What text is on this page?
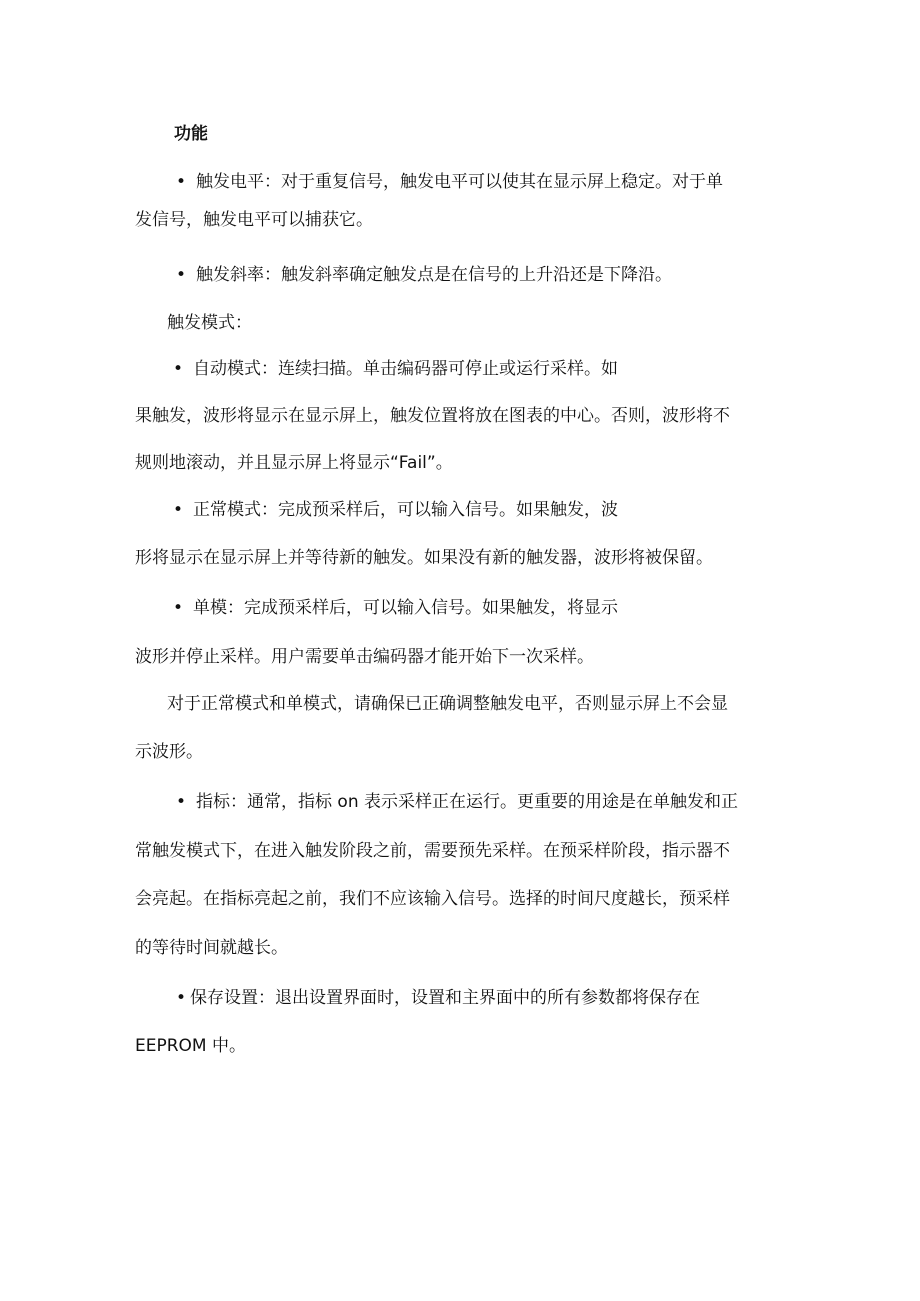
功能
• 触发电平：对于重复信号，触发电平可以使其在显示屏上稳定。对于单
发信号，触发电平可以捕获它。
• 触发斜率：触发斜率确定触发点是在信号的上升沿还是下降沿。
触发模式：
• 自动模式：连续扫描。单击编码器可停止或运行采样。如
果触发，波形将显示在显示屏上，触发位置将放在图表的中心。否则，波形将不
规则地滚动，并且显示屏上将显示“Fail”。
• 正常模式：完成预采样后，可以输入信号。如果触发，波
形将显示在显示屏上并等待新的触发。如果没有新的触发器，波形将被保留。
• 单模：完成预采样后，可以输入信号。如果触发，将显示
波形并停止采样。用户需要单击编码器才能开始下一次采样。
对于正常模式和单模式，请确保已正确调整触发电平，否则显示屏上不会显
示波形。
• 指标：通常，指标 on 表示采样正在运行。更重要的用途是在单触发和正
常触发模式下，在进入触发阶段之前，需要预先采样。在预采样阶段，指示器不
会亮起。在指标亮起之前，我们不应该输入信号。选择的时间尺度越长，预采样
的等待时间就越长。
• 保存设置：退出设置界面时，设置和主界面中的所有参数都将保存在
EEPROM 中。
